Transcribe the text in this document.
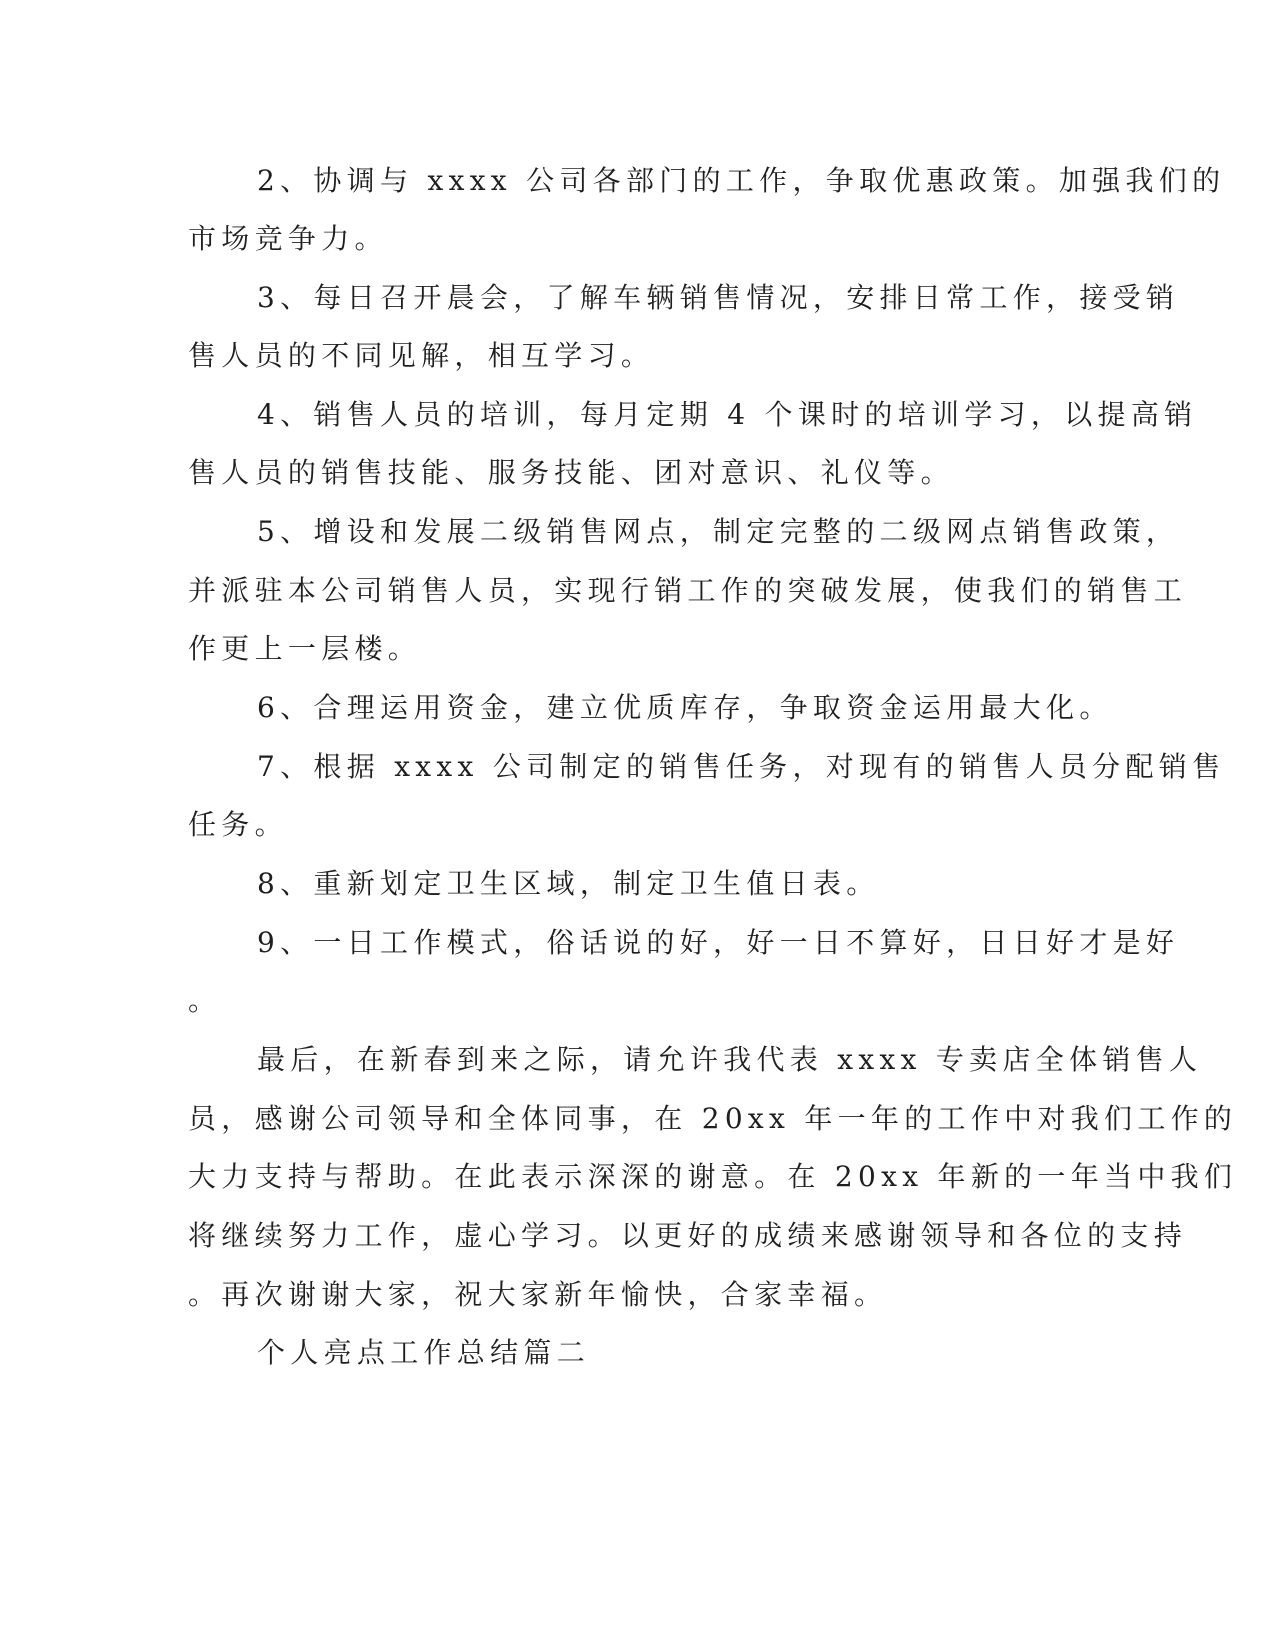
2、协调与 xxxx 公司各部门的工作，争取优惠政策。加强我们的

市场竞争力。

3、每日召开晨会，了解车辆销售情况，安排日常工作，接受销

售人员的不同见解，相互学习。

4、销售人员的培训，每月定期 4 个课时的培训学习，以提高销

售人员的销售技能、服务技能、团对意识、礼仪等。

5、增设和发展二级销售网点，制定完整的二级网点销售政策，

并派驻本公司销售人员，实现行销工作的突破发展，使我们的销售工

作更上一层楼。

6、合理运用资金，建立优质库存，争取资金运用最大化。

7、根据 xxxx 公司制定的销售任务，对现有的销售人员分配销售

任务。

8、重新划定卫生区域，制定卫生值日表。

9、一日工作模式，俗话说的好，好一日不算好，日日好才是好

。

最后，在新春到来之际，请允许我代表 xxxx 专卖店全体销售人

员，感谢公司领导和全体同事，在 20xx 年一年的工作中对我们工作的

大力支持与帮助。在此表示深深的谢意。在 20xx 年新的一年当中我们

将继续努力工作，虚心学习。以更好的成绩来感谢领导和各位的支持

。再次谢谢大家，祝大家新年愉快，合家幸福。

个人亮点工作总结篇二
